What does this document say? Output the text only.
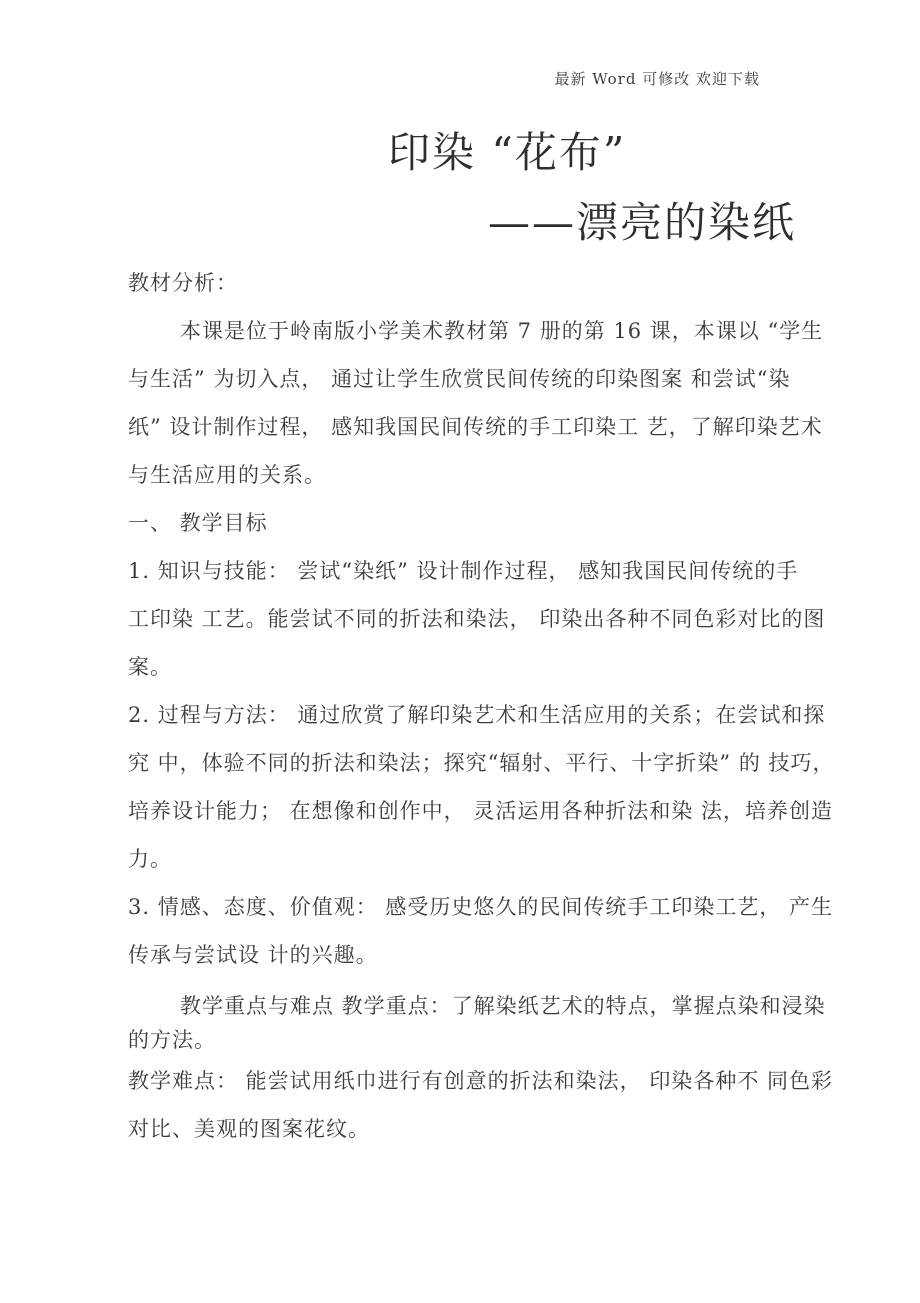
最新 Word 可修改 欢迎下载
印染 “花布”
——漂亮的染纸
教材分析：
本课是位于岭南版小学美术教材第 7 册的第 16 课，本课以 “学生
与生活” 为切入点， 通过让学生欣赏民间传统的印染图案 和尝试“染
纸” 设计制作过程， 感知我国民间传统的手工印染工 艺，了解印染艺术
与生活应用的关系。
一、 教学目标
1. 知识与技能： 尝试“染纸” 设计制作过程， 感知我国民间传统的手
工印染 工艺。能尝试不同的折法和染法， 印染出各种不同色彩对比的图
案。
2. 过程与方法： 通过欣赏了解印染艺术和生活应用的关系；在尝试和探
究 中，体验不同的折法和染法；探究“辐射、平行、十字折染” 的 技巧，
培养设计能力； 在想像和创作中， 灵活运用各种折法和染 法，培养创造
力。
3. 情感、态度、价值观： 感受历史悠久的民间传统手工印染工艺， 产生
传承与尝试设 计的兴趣。
教学重点与难点 教学重点：了解染纸艺术的特点，掌握点染和浸染
的方法。
教学难点： 能尝试用纸巾进行有创意的折法和染法， 印染各种不 同色彩
对比、美观的图案花纹。
